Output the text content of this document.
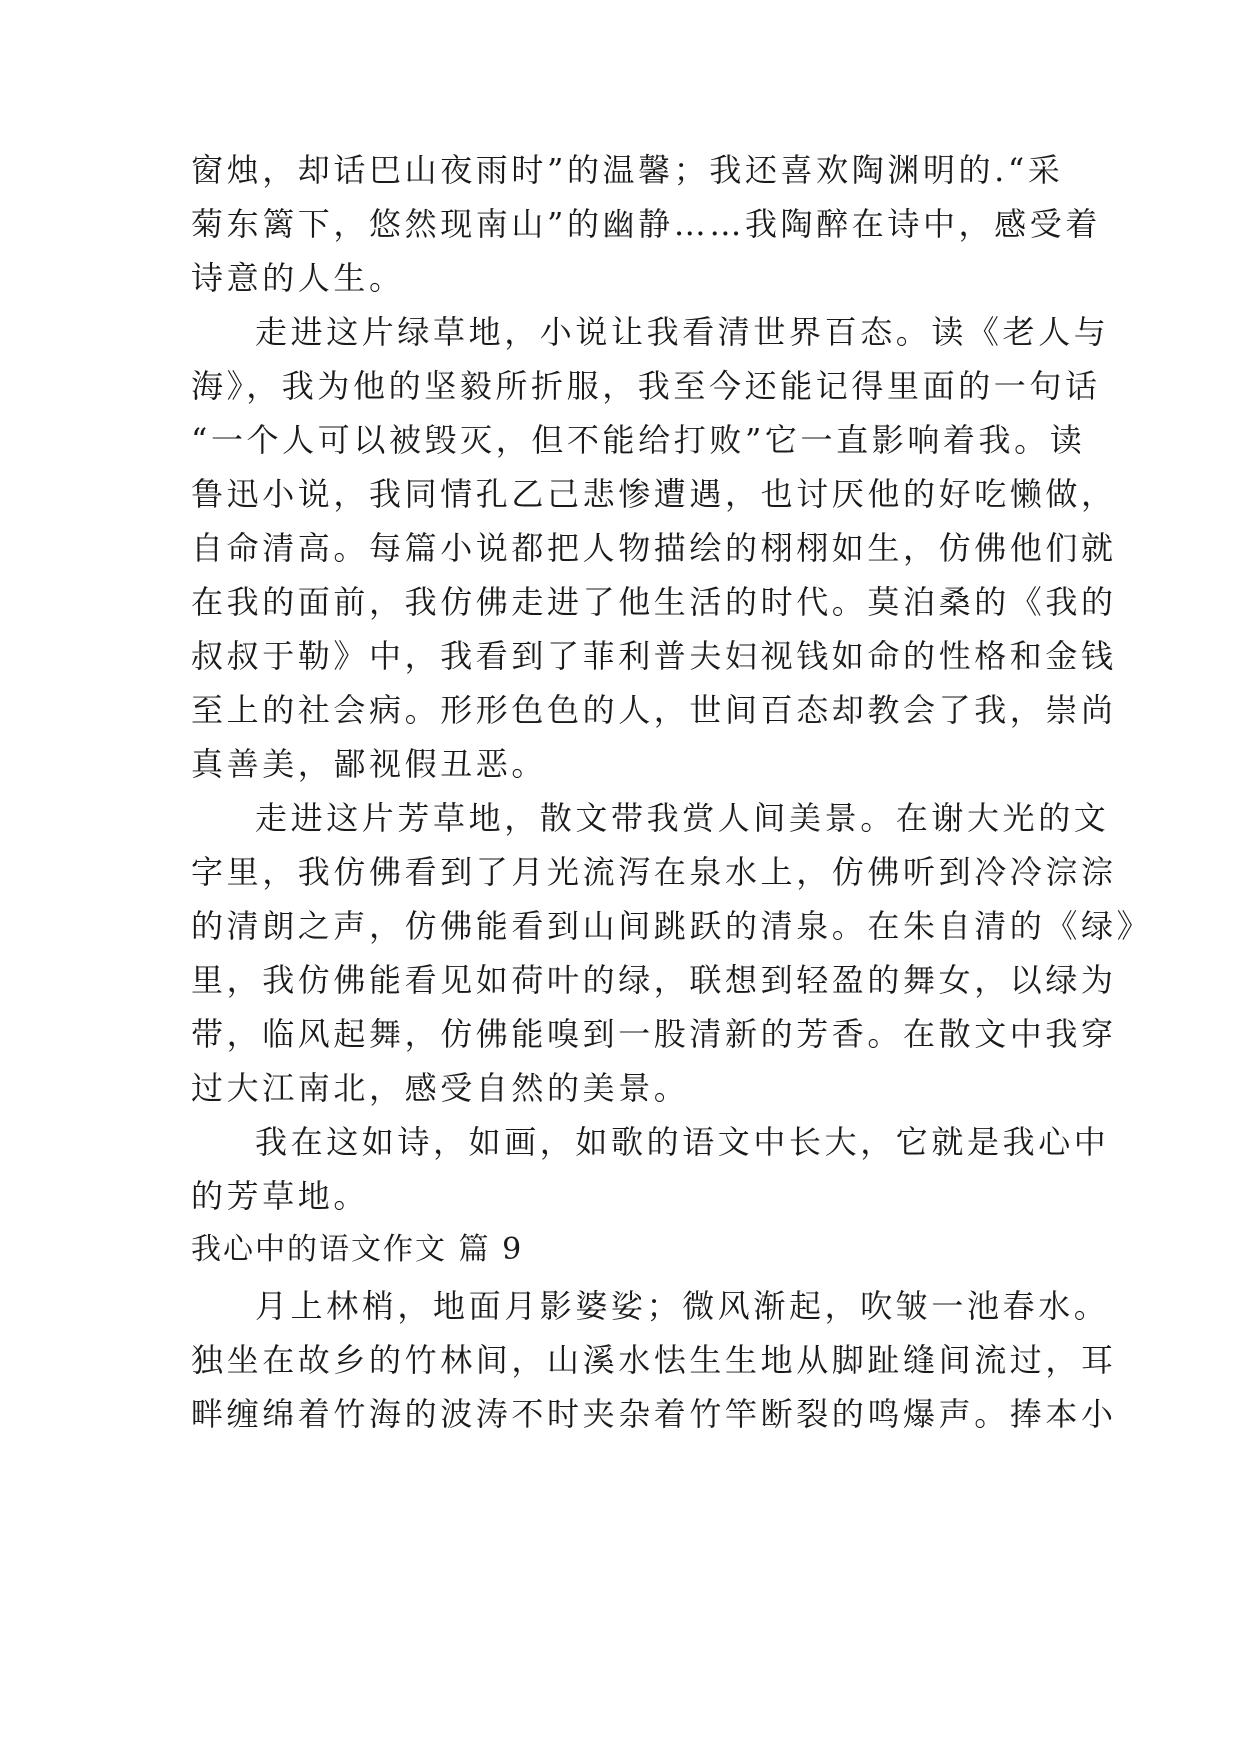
窗烛，却话巴山夜雨时”的温馨；我还喜欢陶渊明的.“采
菊东篱下，悠然现南山”的幽静……我陶醉在诗中，感受着
诗意的人生。
走进这片绿草地，小说让我看清世界百态。读《老人与
海》，我为他的坚毅所折服，我至今还能记得里面的一句话
“一个人可以被毁灭，但不能给打败”它一直影响着我。读
鲁迅小说，我同情孔乙己悲惨遭遇，也讨厌他的好吃懒做，
自命清高。每篇小说都把人物描绘的栩栩如生，仿佛他们就
在我的面前，我仿佛走进了他生活的时代。莫泊桑的《我的
叔叔于勒》中，我看到了菲利普夫妇视钱如命的性格和金钱
至上的社会病。形形色色的人，世间百态却教会了我，崇尚
真善美，鄙视假丑恶。
走进这片芳草地，散文带我赏人间美景。在谢大光的文
字里，我仿佛看到了月光流泻在泉水上，仿佛听到冷冷淙淙
的清朗之声，仿佛能看到山间跳跃的清泉。在朱自清的《绿》
里，我仿佛能看见如荷叶的绿，联想到轻盈的舞女，以绿为
带，临风起舞，仿佛能嗅到一股清新的芳香。在散文中我穿
过大江南北，感受自然的美景。
我在这如诗，如画，如歌的语文中长大，它就是我心中
的芳草地。
我心中的语文作文 篇 9
月上林梢，地面月影婆娑；微风渐起，吹皱一池春水。
独坐在故乡的竹林间，山溪水怯生生地从脚趾缝间流过，耳
畔缠绵着竹海的波涛不时夹杂着竹竿断裂的鸣爆声。捧本小
